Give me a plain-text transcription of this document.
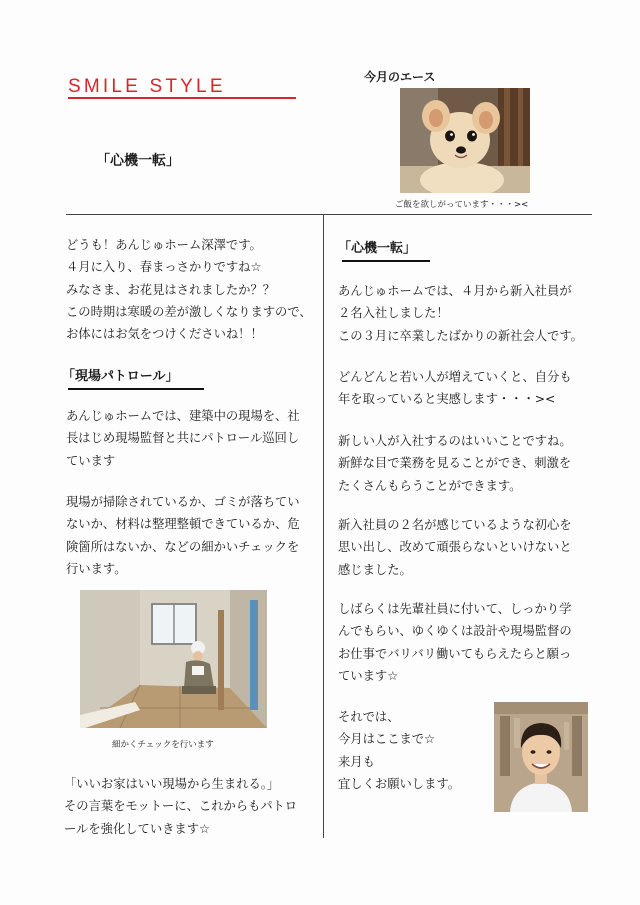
SMILE STYLE
「心機一転」
今月のエース
ご飯を欲しがっています・・・><

どうも！あんじゅホーム深澤です。

４月に入り、春まっさかりですね☆

みなさま、お花見はされましたか？？

この時期は寒暖の差が激しくなりますので、

お体にはお気をつけくださいね！！

「現場パトロール」

あんじゅホームでは、建築中の現場を、社

長はじめ現場監督と共にパトロール巡回し

ています

現場が掃除されているか、ゴミが落ちてい

ないか、材料は整理整頓できているか、危

険箇所はないか、などの細かいチェックを

行います。

細かくチェックを行います

「いいお家はいい現場から生まれる。」

その言葉をモットーに、これからもパトロ

ールを強化していきます☆

「心機一転」

あんじゅホームでは、４月から新入社員が

２名入社しました！

この３月に卒業したばかりの新社会人です。

どんどんと若い人が増えていくと、自分も

年を取っていると実感します・・・><

新しい人が入社するのはいいことですね。

新鮮な目で業務を見ることができ、刺激を

たくさんもらうことができます。

新入社員の２名が感じているような初心を

思い出し、改めて頑張らないといけないと

感じました。

しばらくは先輩社員に付いて、しっかり学

んでもらい、ゆくゆくは設計や現場監督の

お仕事でバリバリ働いてもらえたらと願っ

ています☆

それでは、

今月はここまで☆

来月も

宜しくお願いします。
